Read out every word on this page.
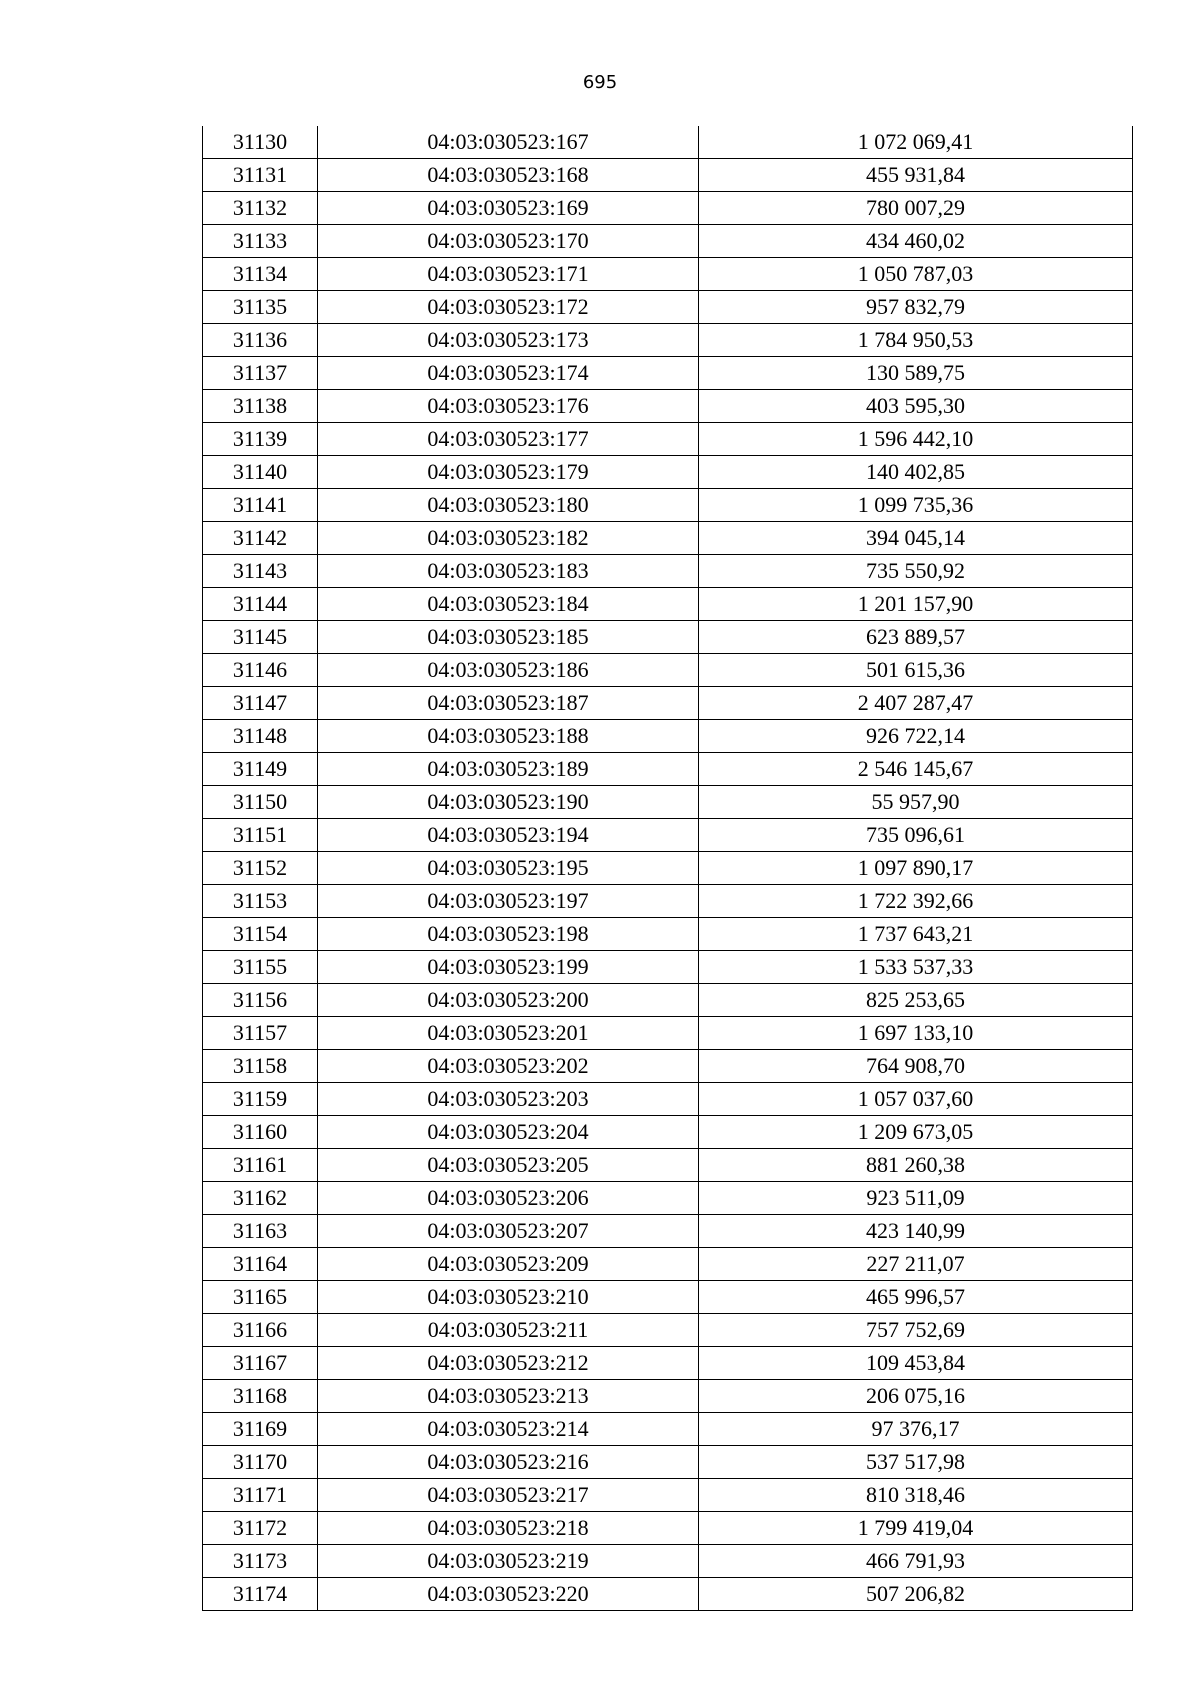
695
31130	04:03:030523:167	1 072 069,41
31131	04:03:030523:168	455 931,84
31132	04:03:030523:169	780 007,29
31133	04:03:030523:170	434 460,02
31134	04:03:030523:171	1 050 787,03
31135	04:03:030523:172	957 832,79
31136	04:03:030523:173	1 784 950,53
31137	04:03:030523:174	130 589,75
31138	04:03:030523:176	403 595,30
31139	04:03:030523:177	1 596 442,10
31140	04:03:030523:179	140 402,85
31141	04:03:030523:180	1 099 735,36
31142	04:03:030523:182	394 045,14
31143	04:03:030523:183	735 550,92
31144	04:03:030523:184	1 201 157,90
31145	04:03:030523:185	623 889,57
31146	04:03:030523:186	501 615,36
31147	04:03:030523:187	2 407 287,47
31148	04:03:030523:188	926 722,14
31149	04:03:030523:189	2 546 145,67
31150	04:03:030523:190	55 957,90
31151	04:03:030523:194	735 096,61
31152	04:03:030523:195	1 097 890,17
31153	04:03:030523:197	1 722 392,66
31154	04:03:030523:198	1 737 643,21
31155	04:03:030523:199	1 533 537,33
31156	04:03:030523:200	825 253,65
31157	04:03:030523:201	1 697 133,10
31158	04:03:030523:202	764 908,70
31159	04:03:030523:203	1 057 037,60
31160	04:03:030523:204	1 209 673,05
31161	04:03:030523:205	881 260,38
31162	04:03:030523:206	923 511,09
31163	04:03:030523:207	423 140,99
31164	04:03:030523:209	227 211,07
31165	04:03:030523:210	465 996,57
31166	04:03:030523:211	757 752,69
31167	04:03:030523:212	109 453,84
31168	04:03:030523:213	206 075,16
31169	04:03:030523:214	97 376,17
31170	04:03:030523:216	537 517,98
31171	04:03:030523:217	810 318,46
31172	04:03:030523:218	1 799 419,04
31173	04:03:030523:219	466 791,93
31174	04:03:030523:220	507 206,82
